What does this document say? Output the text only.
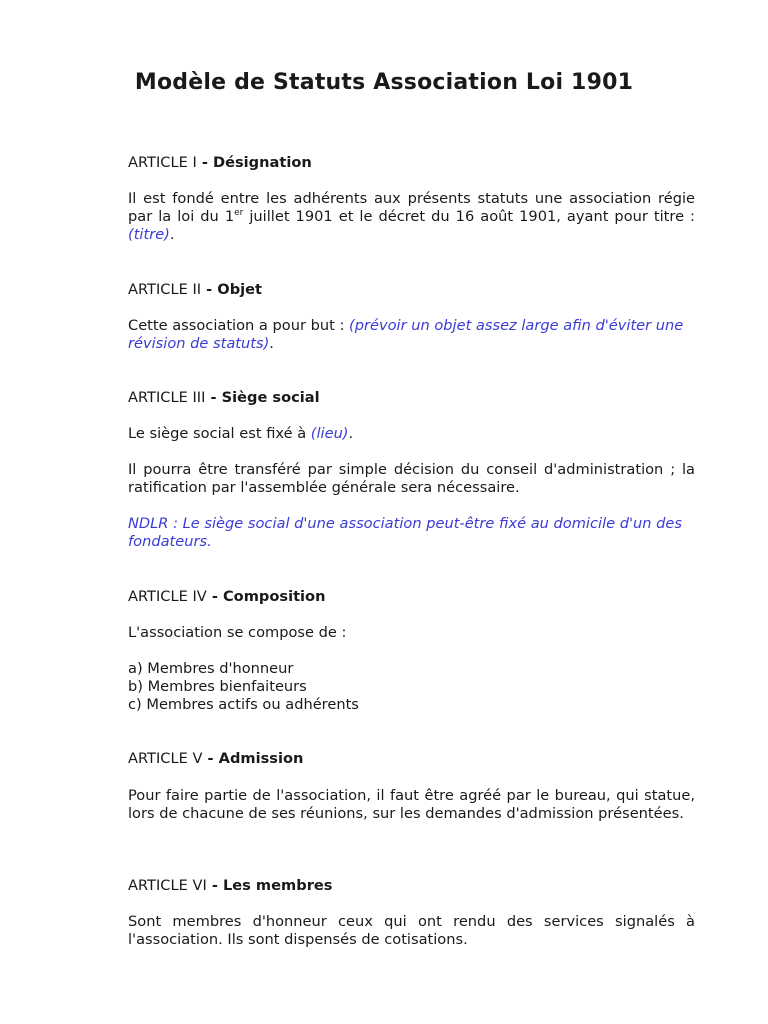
Modèle de Statuts Association Loi 1901
ARTICLE I - Désignation
Il est fondé entre les adhérents aux présents statuts une association régie par la loi du 1er juillet 1901 et le décret du 16 août 1901, ayant pour titre : (titre).
ARTICLE II - Objet
Cette association a pour but : (prévoir un objet assez large afin d'éviter une révision de statuts).
ARTICLE III - Siège social
Le siège social est fixé à (lieu).
Il pourra être transféré par simple décision du conseil d'administration ; la ratification par l'assemblée générale sera nécessaire.
NDLR : Le siège social d'une association peut-être fixé au domicile d'un des fondateurs.
ARTICLE IV - Composition
L'association se compose de :
a) Membres d'honneur
b) Membres bienfaiteurs
c) Membres actifs ou adhérents
ARTICLE V - Admission
Pour faire partie de l'association, il faut être agréé par le bureau, qui statue, lors de chacune de ses réunions, sur les demandes d'admission présentées.
ARTICLE VI - Les membres
Sont membres d'honneur ceux qui ont rendu des services signalés à l'association. Ils sont dispensés de cotisations.
